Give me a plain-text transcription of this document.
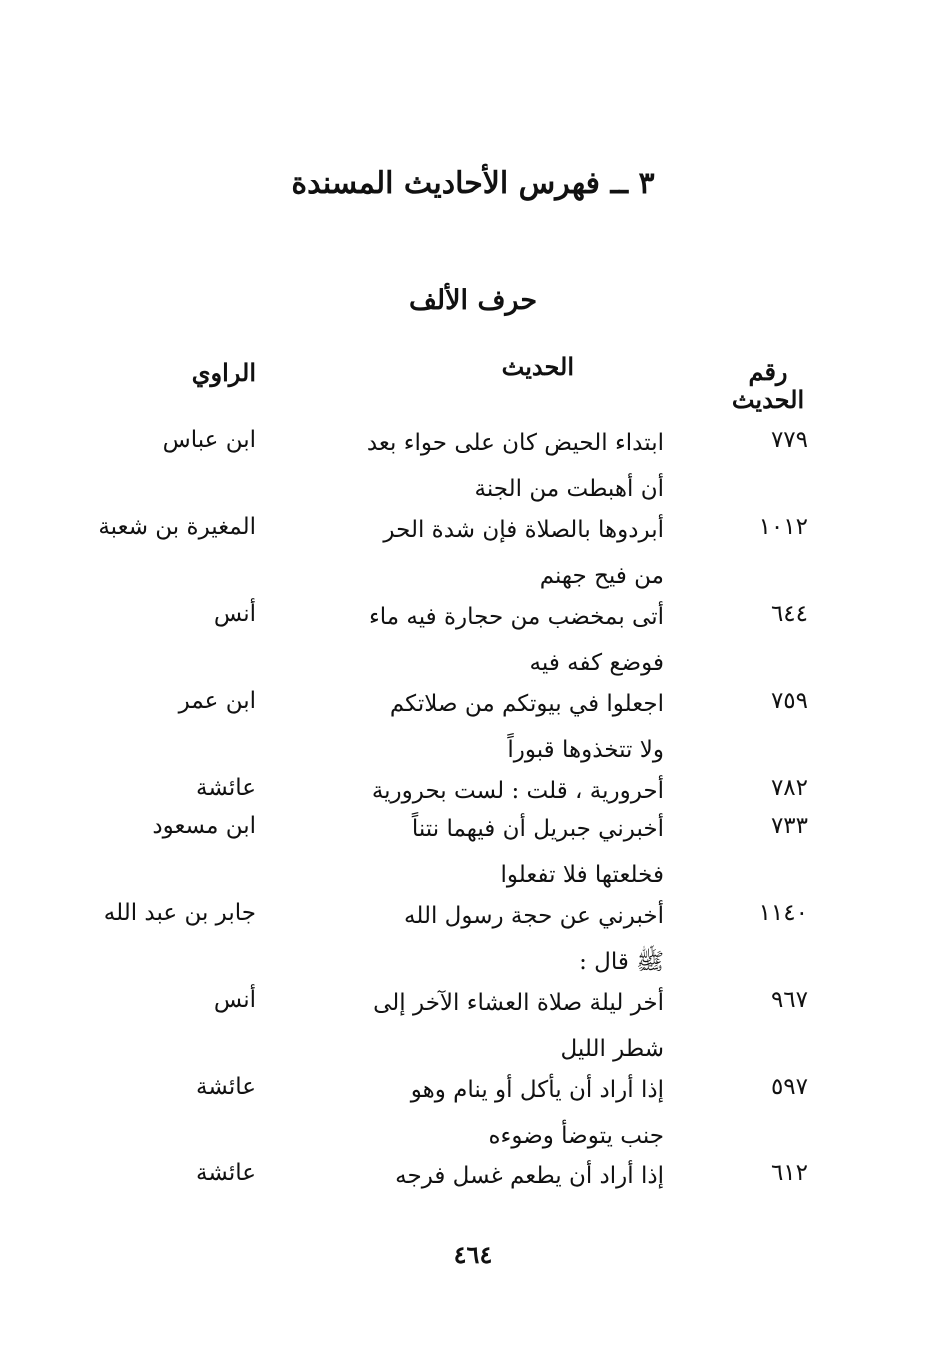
٣ ــ فهرس الأحاديث المسندة
حرف الألف
رقم الحديث
الحديث
الراوي
٧٧٩
ابتداء الحيض كان على حواء بعد
أن أهبطت من الجنة
ابن عباس
١٠١٢
أبردوها بالصلاة فإن شدة الحر
من فيح جهنم
المغيرة بن شعبة
٦٤٤
أتى بمخضب من حجارة فيه ماء
فوضع كفه فيه
أنس
٧٥٩
اجعلوا في بيوتكم من صلاتكم
ولا تتخذوها قبوراً
ابن عمر
٧٨٢
أحرورية ، قلت : لست بحرورية
عائشة
٧٣٣
أخبرني جبريل أن فيهما نتناً
فخلعتها فلا تفعلوا
ابن مسعود
١١٤٠
أخبرني عن حجة رسول الله
ﷺ قال :
جابر بن عبد الله
٩٦٧
أخر ليلة صلاة العشاء الآخر إلى
شطر الليل
أنس
٥٩٧
إذا أراد أن يأكل أو ينام وهو
جنب يتوضأ وضوءه
عائشة
٦١٢
إذا أراد أن يطعم غسل فرجه
عائشة
٤٦٤
